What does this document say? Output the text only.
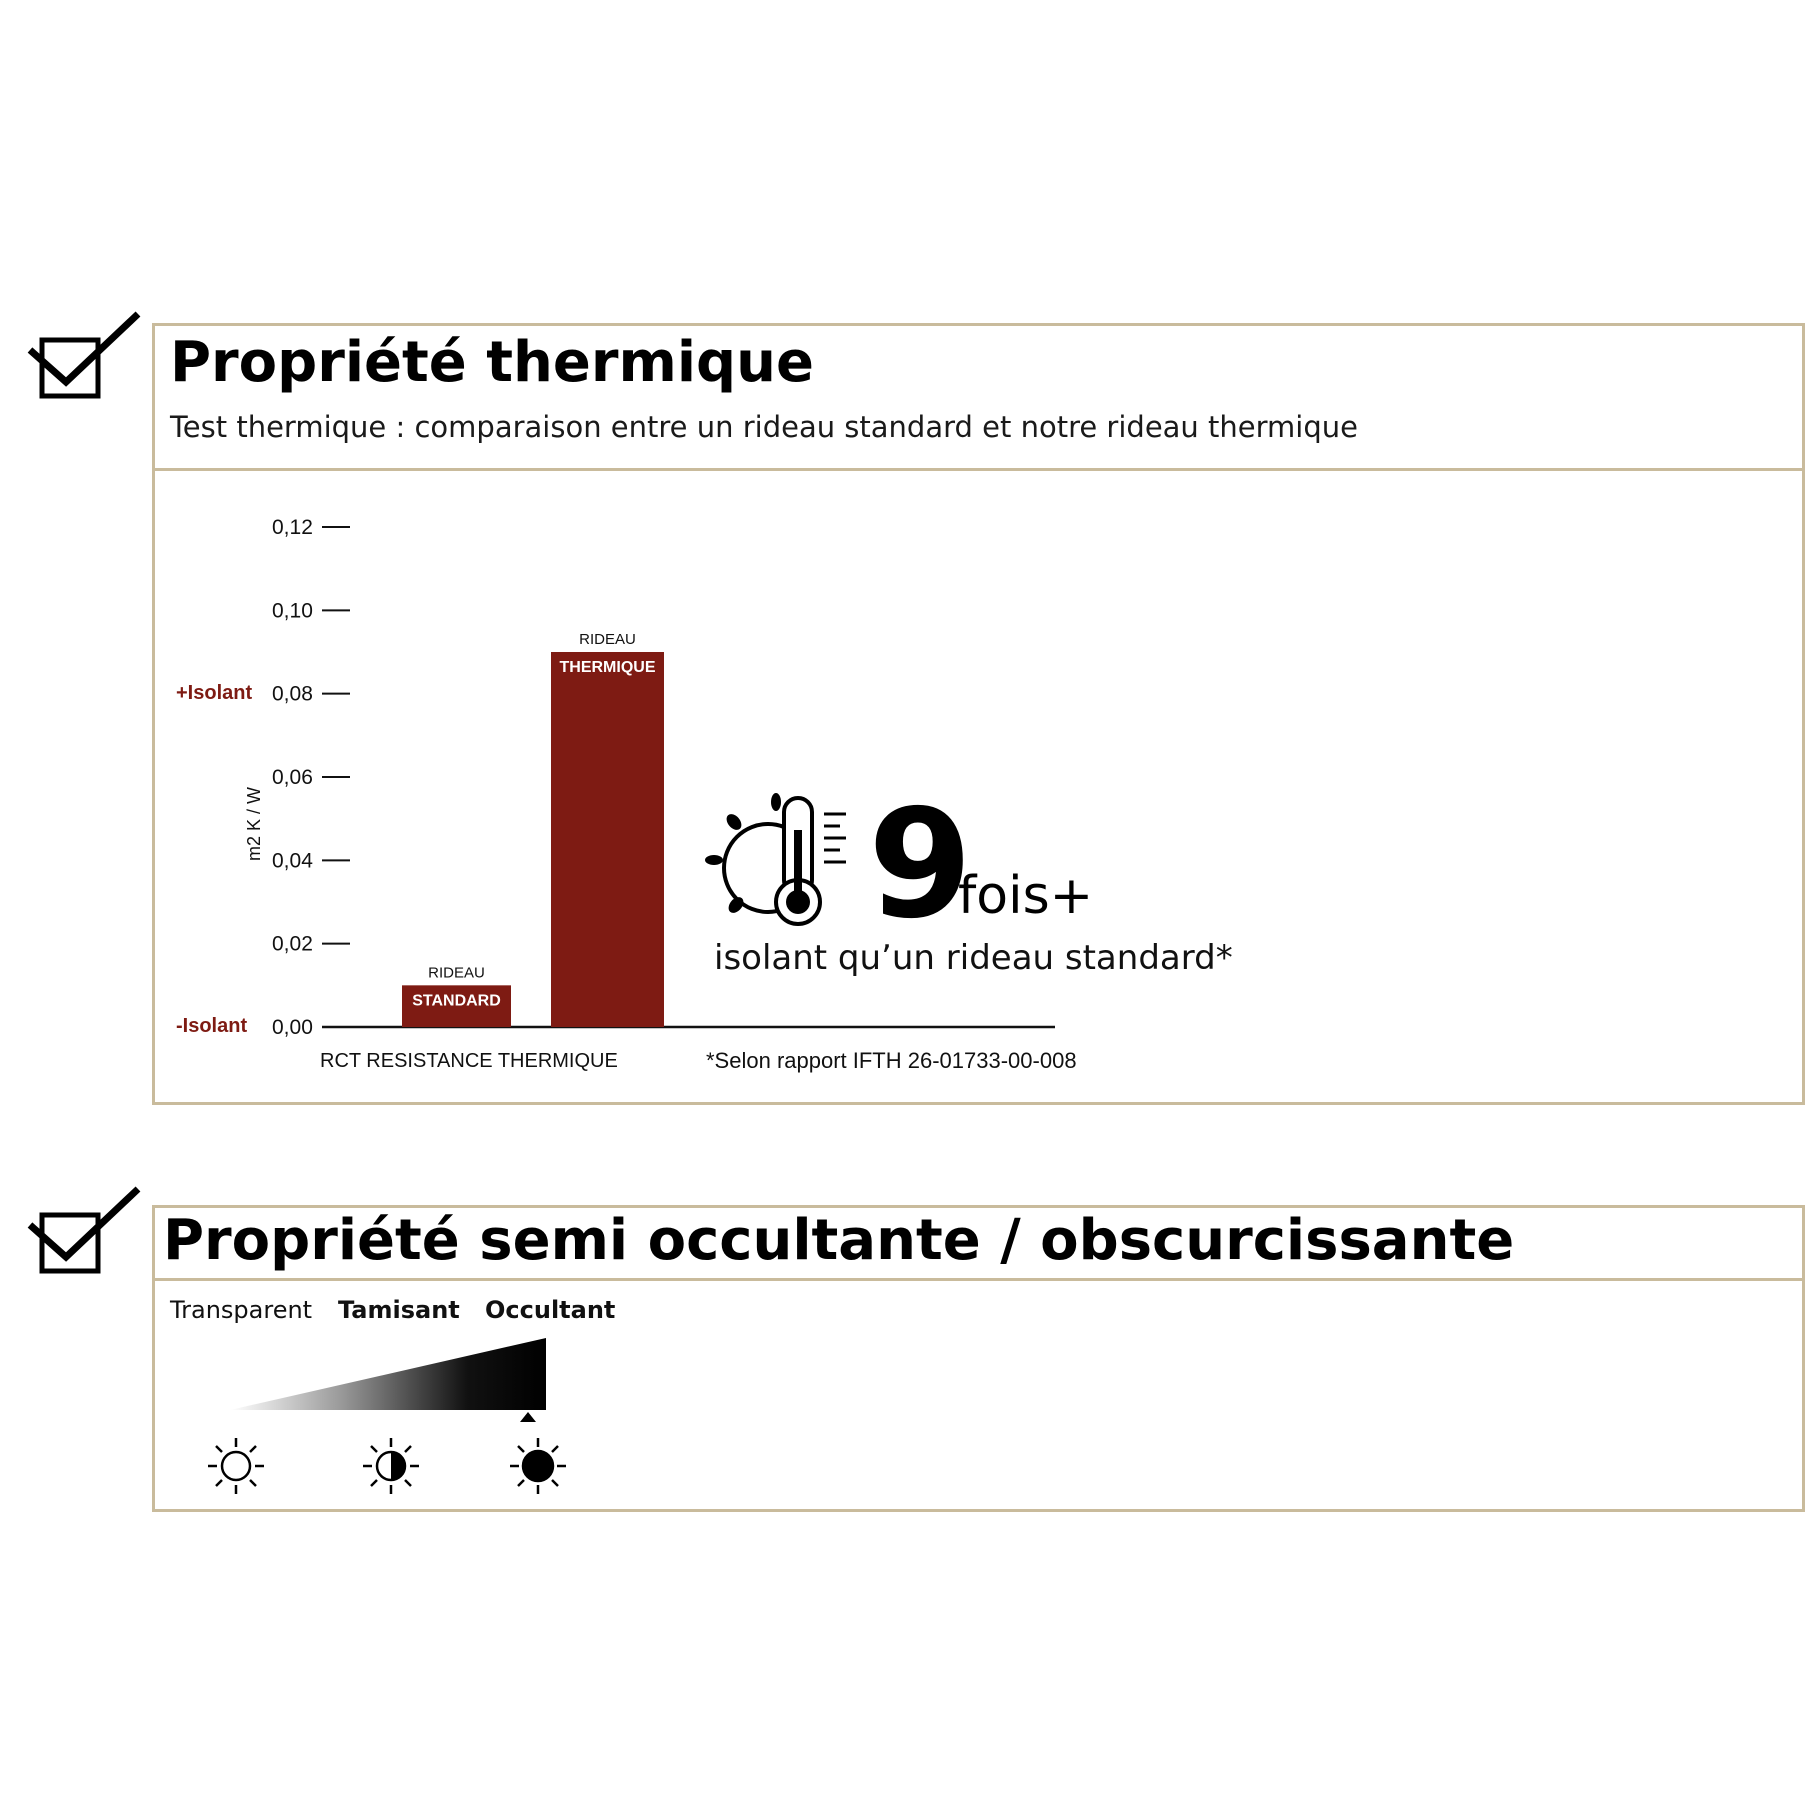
Propriété thermique
Test thermique : comparaison entre un rideau standard et notre rideau thermique
0,00
0,02
0,04
0,06
0,08
0,10
0,12
RIDEAU
STANDARD
RIDEAU
THERMIQUE
+Isolant
-Isolant
m2 K / W
RCT RESISTANCE THERMIQUE
9
fois+
isolant qu’un rideau standard*
*Selon rapport IFTH 26-01733-00-008
Propriété semi occultante / obscurcissante
Transparent Tamisant Occultant
